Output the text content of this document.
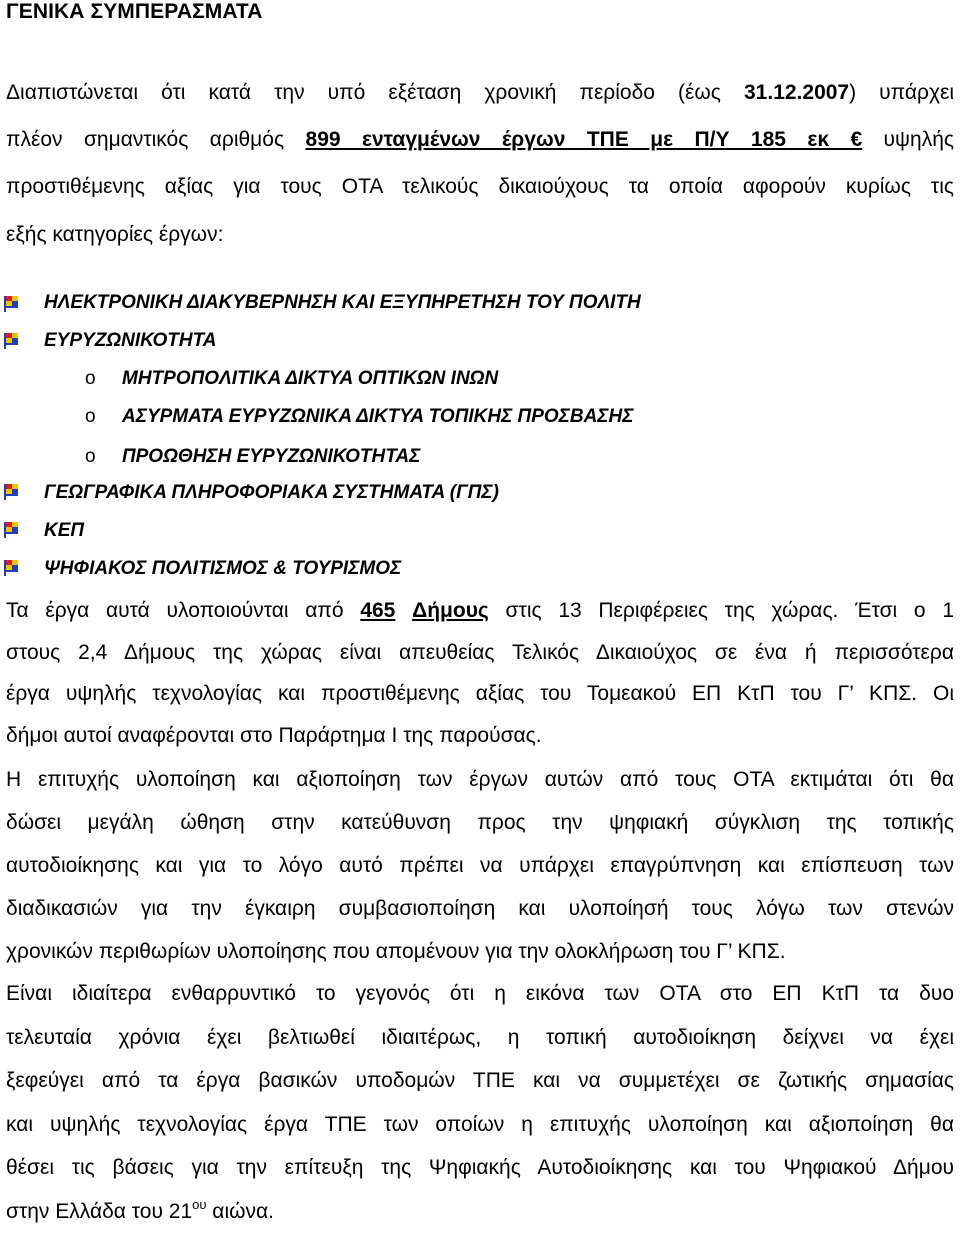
ΓΕΝΙΚΑ ΣΥΜΠΕΡΑΣΜΑΤΑ
Διαπιστώνεται ότι κατά την υπό εξέταση χρονική περίοδο (έως 31.12.2007) υπάρχει
πλέον σημαντικός αριθμός 899 ενταγμένων έργων ΤΠΕ με Π/Υ 185 εκ € υψηλής
προστιθέμενης αξίας για τους ΟΤΑ τελικούς δικαιούχους τα οποία αφορούν κυρίως τις
εξής κατηγορίες έργων:
ΗΛΕΚΤΡΟΝΙΚΗ ΔΙΑΚΥΒΕΡΝΗΣΗ ΚΑΙ ΕΞΥΠΗΡΕΤΗΣΗ ΤΟΥ ΠΟΛΙΤΗ
ΕΥΡΥΖΩΝΙΚΟΤΗΤΑ
o ΜΗΤΡΟΠΟΛΙΤΙΚΑ ΔΙΚΤΥΑ ΟΠΤΙΚΩΝ ΙΝΩΝ
o ΑΣΥΡΜΑΤΑ ΕΥΡΥΖΩΝΙΚΑ ΔΙΚΤΥΑ ΤΟΠΙΚΗΣ ΠΡΟΣΒΑΣΗΣ
o ΠΡΟΩΘΗΣΗ ΕΥΡΥΖΩΝΙΚΟΤΗΤΑΣ
ΓΕΩΓΡΑΦΙΚΑ ΠΛΗΡΟΦΟΡΙΑΚΑ ΣΥΣΤΗΜΑΤΑ (ΓΠΣ)
ΚΕΠ
ΨΗΦΙΑΚΟΣ ΠΟΛΙΤΙΣΜΟΣ & ΤΟΥΡΙΣΜΟΣ
Τα έργα αυτά υλοποιούνται από 465 Δήμους στις 13 Περιφέρειες της χώρας. Έτσι ο 1
στους 2,4 Δήμους της χώρας είναι απευθείας Τελικός Δικαιούχος σε ένα ή περισσότερα
έργα υψηλής τεχνολογίας και προστιθέμενης αξίας του Τομεακού ΕΠ ΚτΠ του Γ’ ΚΠΣ. Οι
δήμοι αυτοί αναφέρονται στο Παράρτημα Ι της παρούσας.
Η επιτυχής υλοποίηση και αξιοποίηση των έργων αυτών από τους ΟΤΑ εκτιμάται ότι θα
δώσει μεγάλη ώθηση στην κατεύθυνση προς την ψηφιακή σύγκλιση της τοπικής
αυτοδιοίκησης και για το λόγο αυτό πρέπει να υπάρχει επαγρύπνηση και επίσπευση των
διαδικασιών για την έγκαιρη συμβασιοποίηση και υλοποίησή τους λόγω των στενών
χρονικών περιθωρίων υλοποίησης που απομένουν για την ολοκλήρωση του Γ’ ΚΠΣ.
Είναι ιδιαίτερα ενθαρρυντικό το γεγονός ότι η εικόνα των ΟΤΑ στο ΕΠ ΚτΠ τα δυο
τελευταία χρόνια έχει βελτιωθεί ιδιαιτέρως, η τοπική αυτοδιοίκηση δείχνει να έχει
ξεφεύγει από τα έργα βασικών υποδομών ΤΠΕ και να συμμετέχει σε ζωτικής σημασίας
και υψηλής τεχνολογίας έργα ΤΠΕ των οποίων η επιτυχής υλοποίηση και αξιοποίηση θα
θέσει τις βάσεις για την επίτευξη της Ψηφιακής Αυτοδιοίκησης και του Ψηφιακού Δήμου
στην Ελλάδα του $21^{o\upsilon}$ αιώνα.
